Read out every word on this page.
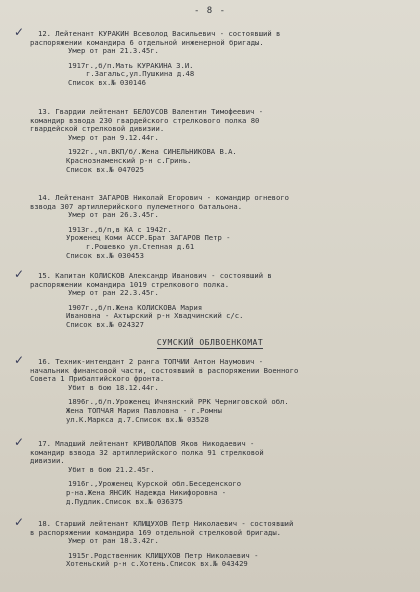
- 8 -
✓	12. Лейтенант КУРАКИН Всеволод Васильевич - состоявший в
распоряжении командира 6 отдельной инженерной бригады.
Умер от ран 21.3.45г.
1917г.,б/п.Мать КУРАКИНА З.И.
г.Загальс,ул.Пушкина д.48
Список вх.№ 030146
13. Гвардии лейтенант БЕЛОУСОВ Валентин Тимофеевич -
командир взвода 230 гвардейского стрелкового полка 80
гвардейской стрелковой дивизии.
Умер от ран 9.12.44г.
1922г.,чл.ВКП/б/.Жена СИНЕЛЬНИКОВА В.А.
Краснознаменский р-н с.Гринь.
Список вх.№ 047025
14. Лейтенант ЗАГАРОВ Николай Егорович - командир огневого
взвода 307 артиллерийского пулеметного батальона.
Умер от ран 26.3.45г.
1913г.,б/п,в КА с 1942г.
Уроженец Коми АССР.Брат ЗАГАРОВ Петр -
г.Рошевко ул.Степная д.61
Список вх.№ 030453
✓	15. Капитан КОЛИСКОВ Александр Иванович - состоявший в
распоряжении командира 1019 стрелкового полка.
Умер от ран 22.3.45г.
1907г.,б/п.Жена КОЛИСКОВА Мария
Ивановна - Ахтырский р-н Хвадчинский с/с.
Список вх.№ 024327
СУМСКИЙ ОБЛВОЕНКОМАТ
✓	16. Техник-интендант 2 ранга ТОПЧИЙ Антон Наумович -
начальник финансовой части, состоявший в распоряжении Военного
Совета 1 Прибалтийского фронта.
Убит в бою 18.12.44г.
1896г.,б/п.Уроженец Ичнянский РРК Черниговской обл.
Жена ТОПЧАЯ Мария Павловна - г.Ромны
ул.К.Маркса д.7.Список вх.№ 03528
✓	17. Младший лейтенант КРИВОЛАПОВ Яков Никодаевич -
командир взвода 32 артиллерийского полка 91 стрелковой
дивизии.
Убит в бою 21.2.45г.
1916г.,Уроженец Курской обл.Беседенского
р-на.Жена ЯНСИК Надежда Никифоровна -
д.Пудлик.Список вх.№ 036375
✓	18. Старший лейтенант КЛИЩУХОВ Петр Николаевич - состоявший
в распоряжении командира 169 отдельной стрелковой бригады.
Умер от ран 18.3.42г.
1915г.Родственник КЛИЩУХОВ Петр Николаевич -
Хотеньский р-н с.Хотень.Список вх.№ 043429
